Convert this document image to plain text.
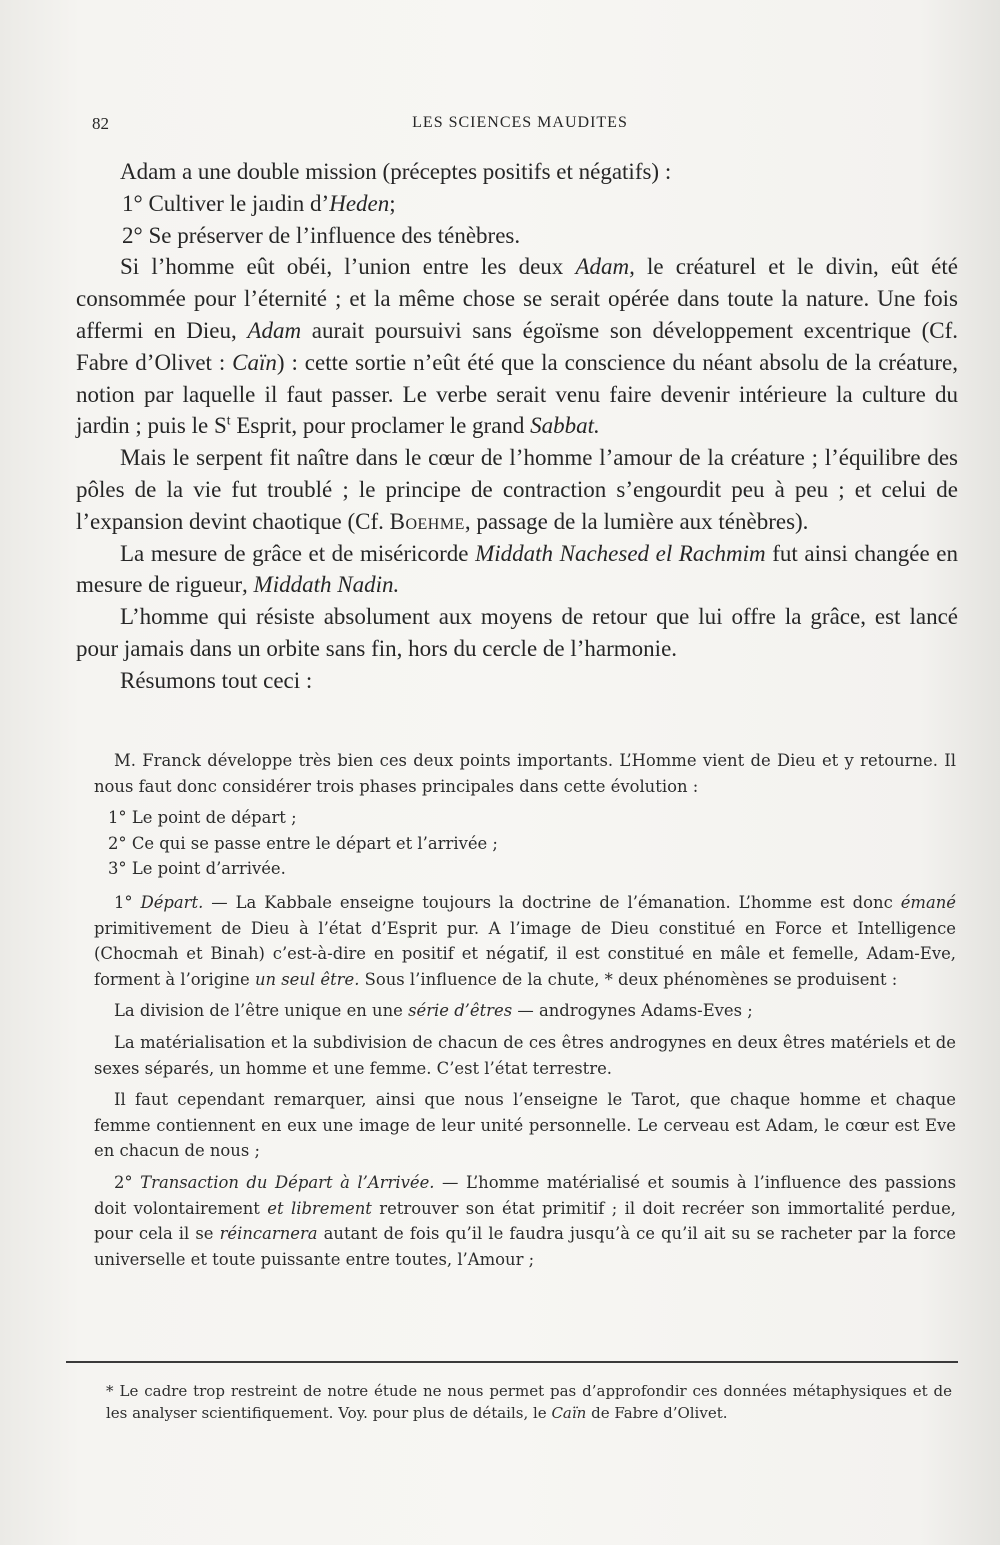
82	LES SCIENCES MAUDITES

Adam a une double mission (préceptes positifs et négatifs) :

1° Cultiver le jaıdin d’Heden;

2° Se préserver de l’influence des ténèbres.

Si l’homme eût obéi, l’union entre les deux Adam, le créaturel et le divin, eût été consommée pour l’éternité ; et la même chose se serait opérée dans toute la nature. Une fois affermi en Dieu, Adam aurait poursuivi sans égoïsme son développement excentrique (Cf. Fabre d’Olivet : Caïn) : cette sortie n’eût été que la conscience du néant absolu de la créature, notion par laquelle il faut passer. Le verbe serait venu faire devenir intérieure la culture du jardin ; puis le $S^t$ Esprit, pour proclamer le grand Sabbat.

Mais le serpent fit naître dans le cœur de l’homme l’amour de la créature ; l’équilibre des pôles de la vie fut troublé ; le principe de contraction s’engourdit peu à peu ; et celui de l’expansion devint chaotique (Cf. Boehme, passage de la lumière aux ténèbres).

La mesure de grâce et de miséricorde Middath Nachesed el Rachmim fut ainsi changée en mesure de rigueur, Middath Nadin.

L’homme qui résiste absolument aux moyens de retour que lui offre la grâce, est lancé pour jamais dans un orbite sans fin, hors du cercle de l’harmonie.

Résumons tout ceci :

M. Franck développe très bien ces deux points importants. L’Homme vient de Dieu et y retourne. Il nous faut donc considérer trois phases principales dans cette évolution :

1° Le point de départ ;

2° Ce qui se passe entre le départ et l’arrivée ;

3° Le point d’arrivée.

1° Départ. — La Kabbale enseigne toujours la doctrine de l’émanation. L’homme est donc émané primitivement de Dieu à l’état d’Esprit pur. A l’image de Dieu constitué en Force et Intelligence (Chocmah et Binah) c’est-à-dire en positif et négatif, il est constitué en mâle et femelle, Adam-Eve, forment à l’origine un seul être. Sous l’influence de la chute, * deux phénomènes se produisent :

La division de l’être unique en une série d’êtres — androgynes Adams-Eves ;

La matérialisation et la subdivision de chacun de ces êtres androgynes en deux êtres matériels et de sexes séparés, un homme et une femme. C’est l’état terrestre.

Il faut cependant remarquer, ainsi que nous l’enseigne le Tarot, que chaque homme et chaque femme contiennent en eux une image de leur unité personnelle. Le cerveau est Adam, le cœur est Eve en chacun de nous ;

2° Transaction du Départ à l’Arrivée. — L’homme matérialisé et soumis à l’influence des passions doit volontairement et librement retrouver son état primitif ; il doit recréer son immortalité perdue, pour cela il se réincarnera autant de fois qu’il le faudra jusqu’à ce qu’il ait su se racheter par la force universelle et toute puissante entre toutes, l’Amour ;

* Le cadre trop restreint de notre étude ne nous permet pas d’approfondir ces données métaphysiques et de les analyser scientifiquement. Voy. pour plus de détails, le Caïn de Fabre d’Olivet.
